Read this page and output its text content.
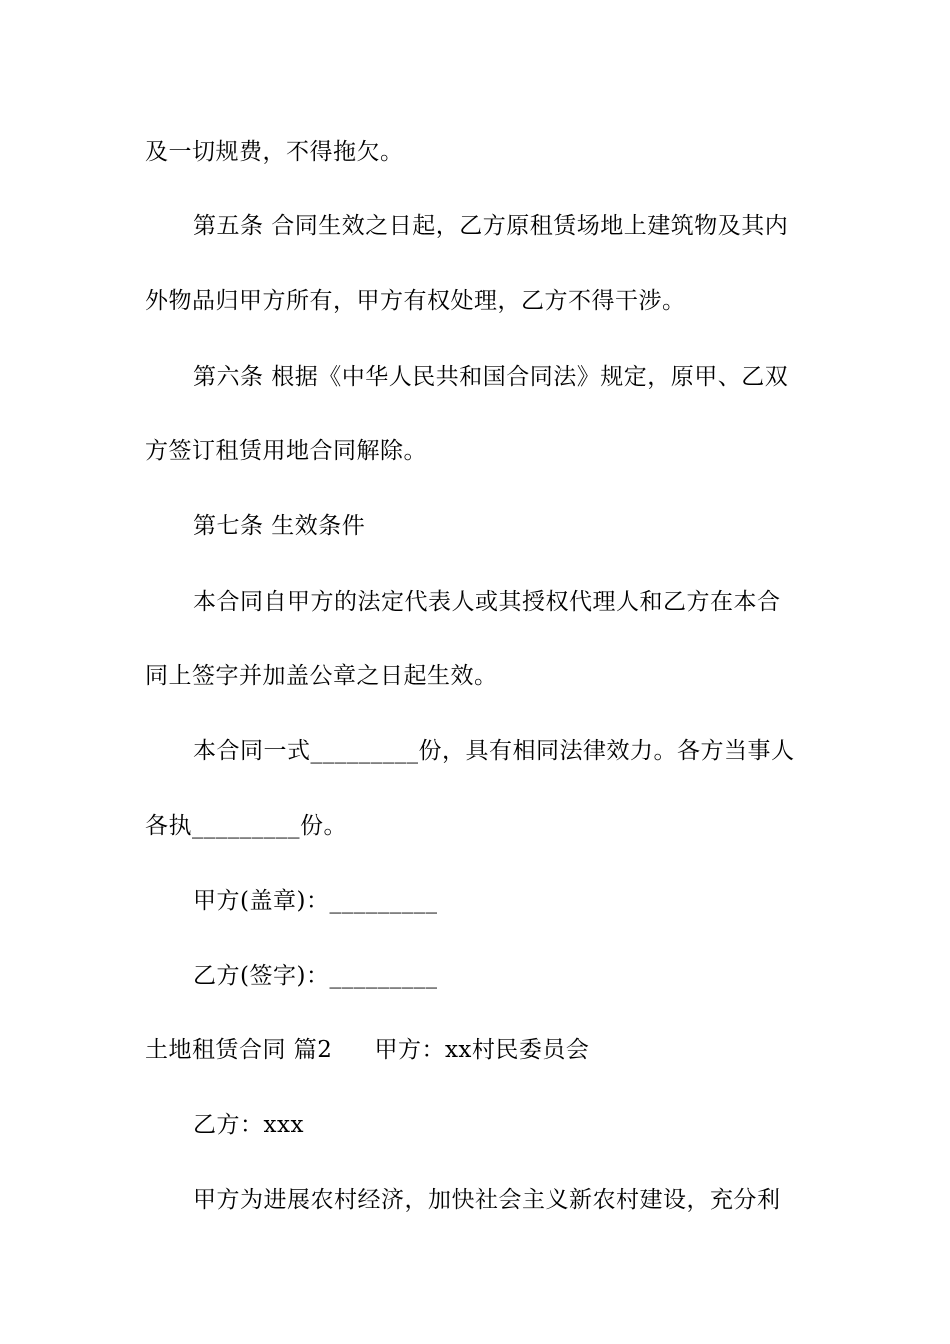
及一切规费，不得拖欠。
第五条 合同生效之日起，乙方原租赁场地上建筑物及其内
外物品归甲方所有，甲方有权处理，乙方不得干涉。
第六条 根据《中华人民共和国合同法》规定，原甲、乙双
方签订租赁用地合同解除。
第七条 生效条件
本合同自甲方的法定代表人或其授权代理人和乙方在本合
同上签字并加盖公章之日起生效。
本合同一式_________份，具有相同法律效力。各方当事人
各执_________份。
甲方(盖章)：_________
乙方(签字)：_________
土地租赁合同 篇2 甲方：xx村民委员会
乙方：xxx
甲方为进展农村经济，加快社会主义新农村建设，充分利
